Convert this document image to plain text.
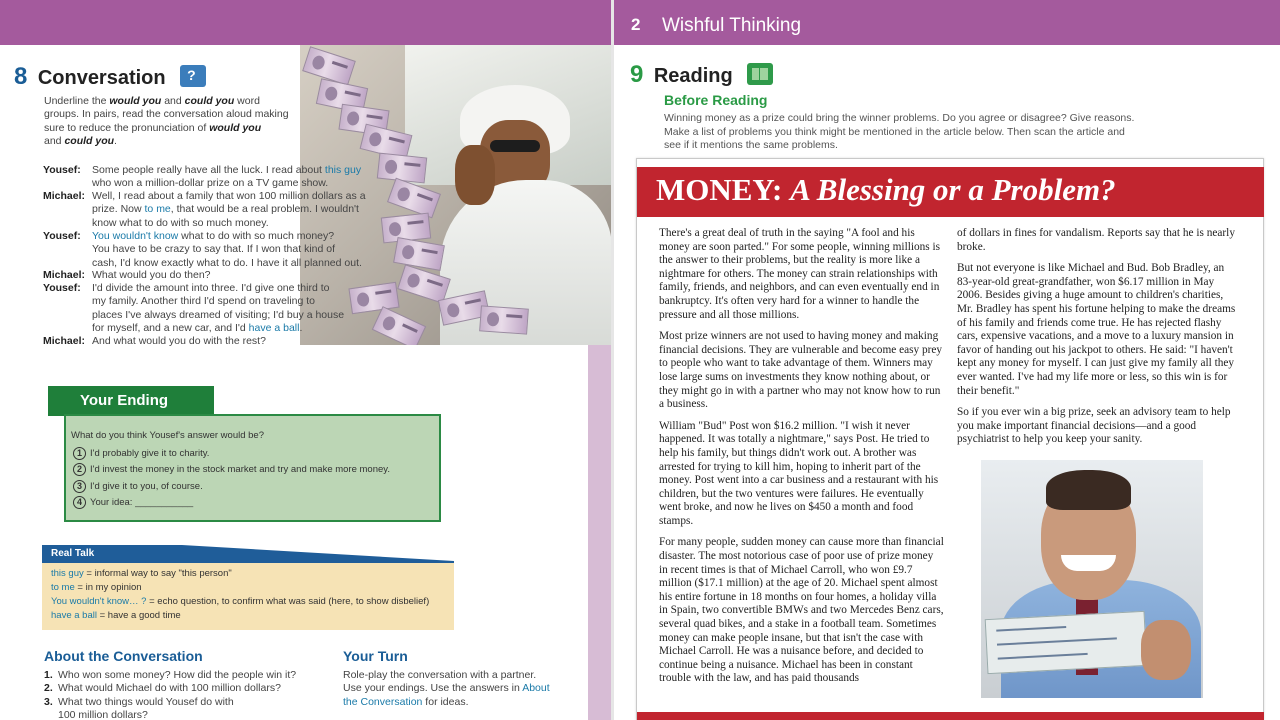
8 Conversation ?
Underline the would you and could you word
groups. In pairs, read the conversation aloud making
sure to reduce the pronunciation of would you
and could you.
Yousef: Some people really have all the luck. I read about this guy
who won a million-dollar prize on a TV game show.
Michael: Well, I read about a family that won 100 million dollars as a
prize. Now to me, that would be a real problem. I wouldn't
know what to do with so much money.
Yousef: You wouldn't know what to do with so much money?
You have to be crazy to say that. If I won that kind of
cash, I'd know exactly what to do. I have it all planned out.
Michael: What would you do then?
Yousef: I'd divide the amount into three. I'd give one third to
my family. Another third I'd spend on traveling to
places I've always dreamed of visiting; I'd buy a house
for myself, and a new car, and I'd have a ball.
Michael: And what would you do with the rest?
Your Ending
What do you think Yousef's answer would be?
1 I'd probably give it to charity.
2 I'd invest the money in the stock market and try and make more money.
3 I'd give it to you, of course.
4 Your idea: ___________
this guy = informal way to say "this person"
to me = in my opinion
You wouldn't know… ? = echo question, to confirm what was said (here, to show disbelief)
have a ball = have a good time
Real Talk
About the Conversation
1. Who won some money? How did the people win it?
2. What would Michael do with 100 million dollars?
3. What two things would Yousef do with
100 million dollars?
Your Turn
Role-play the conversation with a partner.
Use your endings. Use the answers in About
the Conversation for ideas.
2 Wishful Thinking
9 Reading
Before Reading
Winning money as a prize could bring the winner problems. Do you agree or disagree? Give reasons.
Make a list of problems you think might be mentioned in the article below. Then scan the article and
see if it mentions the same problems.
MONEY: A Blessing or a Problem?

There's a great deal of truth in the saying "A fool and his money are soon parted." For some people, winning millions is the answer to their problems, but the reality is more like a nightmare for others. The money can strain relationships with family, friends, and neighbors, and can even eventually end in bankruptcy. It's often very hard for a winner to handle the pressure and all those millions.

Most prize winners are not used to having money and making financial decisions. They are vulnerable and become easy prey to people who want to take advantage of them. Winners may lose large sums on investments they know nothing about, or they might go in with a partner who may not know how to run a business.

William "Bud" Post won $16.2 million. "I wish it never happened. It was totally a nightmare," says Post. He tried to help his family, but things didn't work out. A brother was arrested for trying to kill him, hoping to inherit part of the money. Post went into a car business and a restaurant with his children, but the two ventures were failures. He eventually went broke, and now he lives on $450 a month and food stamps.

For many people, sudden money can cause more than financial disaster. The most notorious case of poor use of prize money in recent times is that of Michael Carroll, who won £9.7 million ($17.1 million) at the age of 20. Michael spent almost his entire fortune in 18 months on four homes, a holiday villa in Spain, two convertible BMWs and two Mercedes Benz cars, several quad bikes, and a stake in a football team. Sometimes money can make people insane, but that isn't the case with Michael Carroll. He was a nuisance before, and decided to continue being a nuisance. Michael has been in constant trouble with the law, and has paid thousands

of dollars in fines for vandalism. Reports say that he is nearly broke.

But not everyone is like Michael and Bud. Bob Bradley, an 83-year-old great-grandfather, won $6.17 million in May 2006. Besides giving a huge amount to children's charities, Mr. Bradley has spent his fortune helping to make the dreams of his family and friends come true. He has rejected flashy cars, expensive vacations, and a move to a luxury mansion in favor of handing out his jackpot to others. He said: "I haven't kept any money for myself. I can just give my family all they ever wanted. I've had my life more or less, so this win is for their benefit."

So if you ever win a big prize, seek an advisory team to help you make important financial decisions—and a good psychiatrist to help you keep your sanity.
